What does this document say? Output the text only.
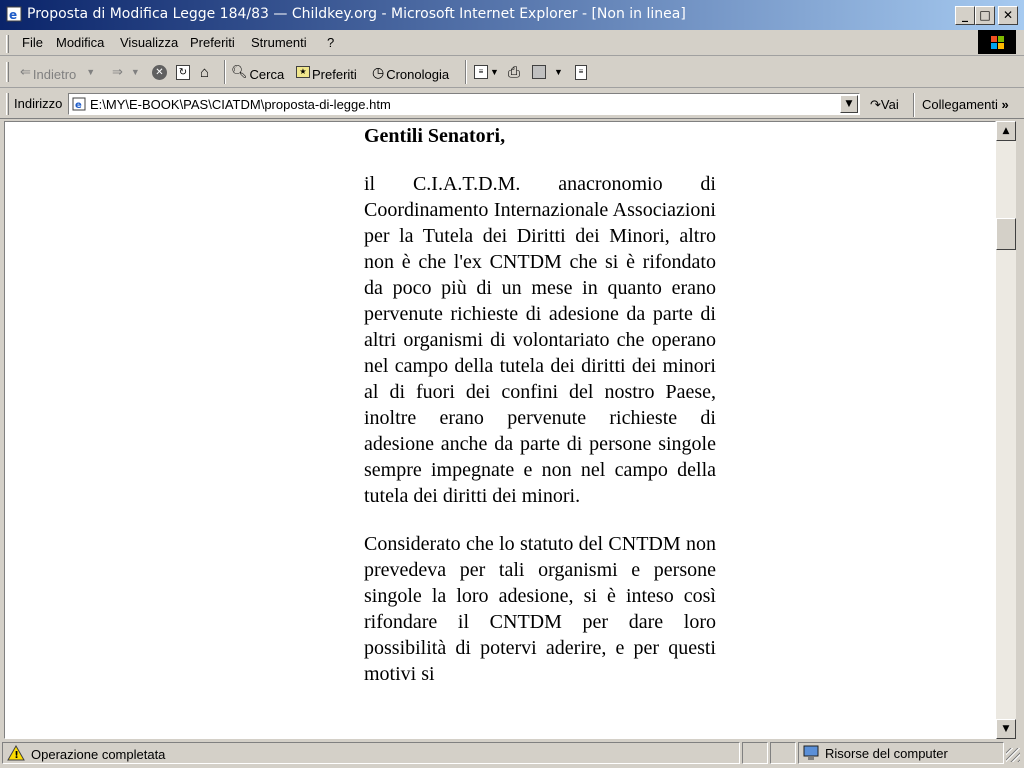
e Proposta di Modifica Legge 184/83 — Childkey.org - Microsoft Internet Explorer - [Non in linea]	_ □	✕
File Modifica Visualizza Preferiti Strumenti ?
⇐ Indietro ▼ ⇒ ▼	✕	↻ ⌂ 🔍︎ Cerca	★ Preferiti ◷ Cronologia	≡ ▼ ⎙	▼	≡
Indirizzo e E:\MY\E-BOOK\PAS\CIATDM\proposta-di-legge.htm	▼	↷Vai Collegamenti »
Gentili Senatori,

il C.I.A.T.D.M. anacronomio di Coordinamento Internazionale Associazioni per la Tutela dei Diritti dei Minori, altro non è che l'ex CNTDM che si è rifondato da poco più di un mese in quanto erano pervenute richieste di adesione da parte di altri organismi di volontariato che operano nel campo della tutela dei diritti dei minori al di fuori dei confini del nostro Paese, inoltre erano pervenute richieste di adesione anche da parte di persone singole sempre impegnate e non nel campo della tutela dei diritti dei minori.

Considerato che lo statuto del CNTDM non prevedeva per tali organismi e persone singole la loro adesione, si è inteso così rifondare il CNTDM per dare loro possibilità di potervi aderire, e per questi motivi si

▲
▼
! Operazione completata	Risorse del computer
